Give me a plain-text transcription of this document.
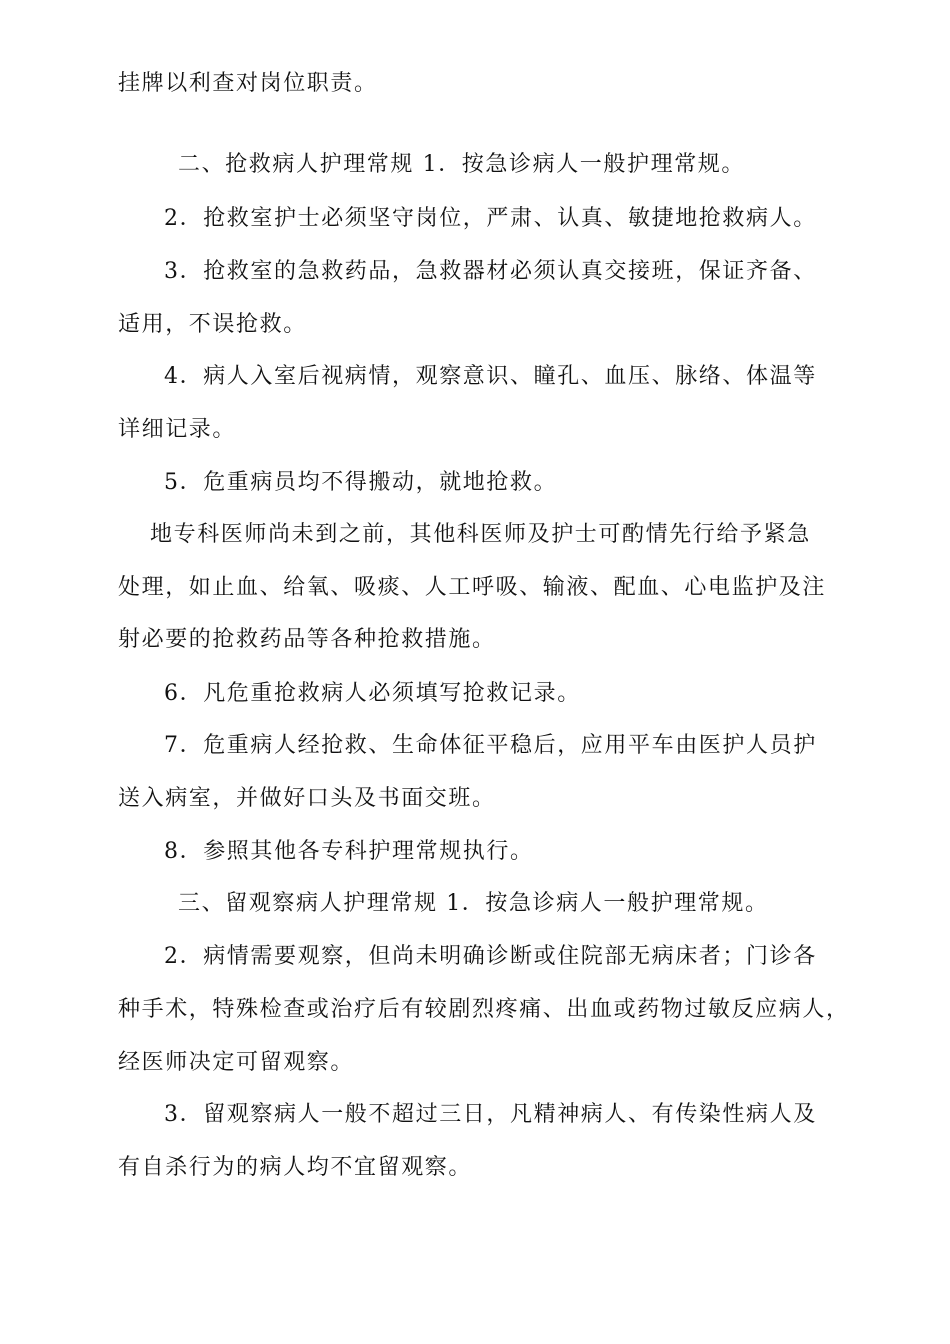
挂牌以利查对岗位职责。
二、抢救病人护理常规 1．按急诊病人一般护理常规。
2．抢救室护士必须坚守岗位，严肃、认真、敏捷地抢救病人。
3．抢救室的急救药品，急救器材必须认真交接班，保证齐备、
适用，不误抢救。
4．病人入室后视病情，观察意识、瞳孔、血压、脉络、体温等
详细记录。
5．危重病员均不得搬动，就地抢救。
地专科医师尚未到之前，其他科医师及护士可酌情先行给予紧急
处理，如止血、给氧、吸痰、人工呼吸、输液、配血、心电监护及注
射必要的抢救药品等各种抢救措施。
6．凡危重抢救病人必须填写抢救记录。
7．危重病人经抢救、生命体征平稳后，应用平车由医护人员护
送入病室，并做好口头及书面交班。
8．参照其他各专科护理常规执行。
三、留观察病人护理常规 1．按急诊病人一般护理常规。
2．病情需要观察，但尚未明确诊断或住院部无病床者；门诊各
种手术，特殊检查或治疗后有较剧烈疼痛、出血或药物过敏反应病人，
经医师决定可留观察。
3．留观察病人一般不超过三日，凡精神病人、有传染性病人及
有自杀行为的病人均不宜留观察。
